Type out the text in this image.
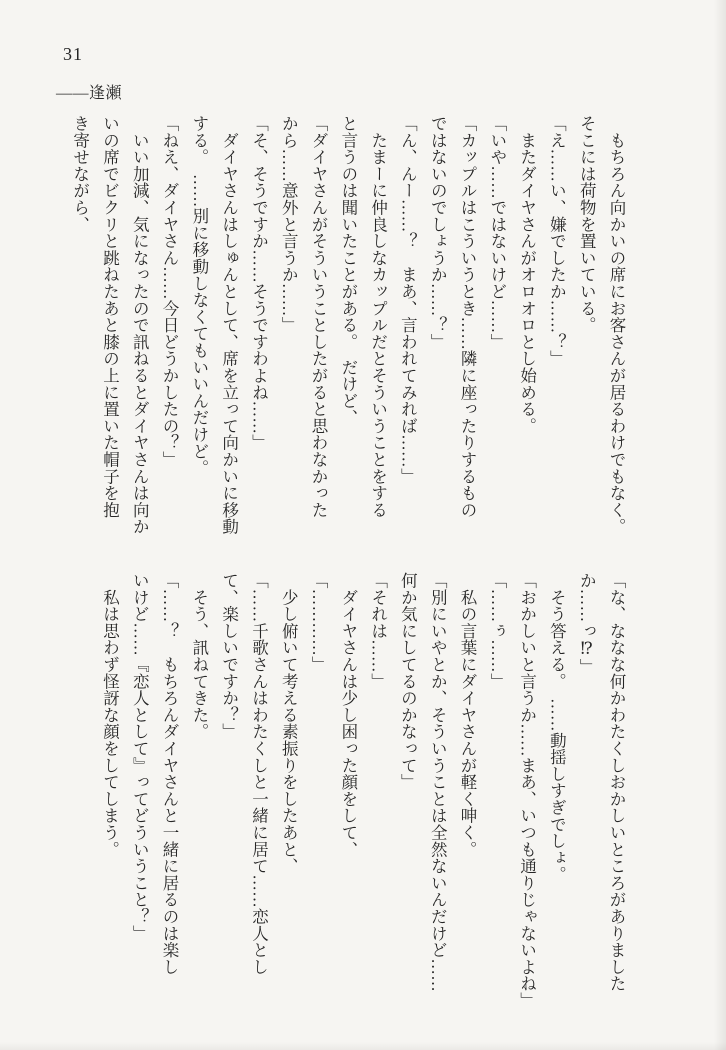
31
――逢瀬
　もちろん向かいの席にお客さんが居るわけでもなく。
そこには荷物を置いている。
「え……い、嫌でしたか……？」
　またダイヤさんがオロオロとし始める。
「いや……ではないけど……」
「カップルはこういうとき……隣に座ったりするもの
ではないのでしょうか……？」
「ん、んー……？　まあ、言われてみれば……」
　たまーに仲良しなカップルだとそういうことをする
と言うのは聞いたことがある。　だけど、
「ダイヤさんがそういうことしたがると思わなかった
から……意外と言うか……」
「そ、そうですか……そうですわよね……」
　ダイヤさんはしゅんとして、席を立って向かいに移動
する。　……別に移動しなくてもいいんだけど。
「ねえ、ダイヤさん……今日どうかしたの？」
　いい加減、気になったので訊ねるとダイヤさんは向か
いの席でビクリと跳ねたあと膝の上に置いた帽子を抱
き寄せながら、
「な、ななな何かわたくしおかしいところがありました
か……っ⁉」
　そう答える。　……動揺しすぎでしょ。
「おかしいと言うか……まあ、いつも通りじゃないよね」
「……ぅ……」
　私の言葉にダイヤさんが軽く呻く。
「別にいやとか、そういうことは全然ないんだけど……
何か気にしてるのかなって」
「それは……」
　ダイヤさんは少し困った顔をして、
「…………」
　少し俯いて考える素振りをしたあと、
「……千歌さんはわたくしと一緒に居て……恋人とし
て、楽しいですか？」
　そう、訊ねてきた。
「……？　もちろんダイヤさんと一緒に居るのは楽し
いけど……『恋人として』ってどういうこと？」
　私は思わず怪訝な顔をしてしまう。
